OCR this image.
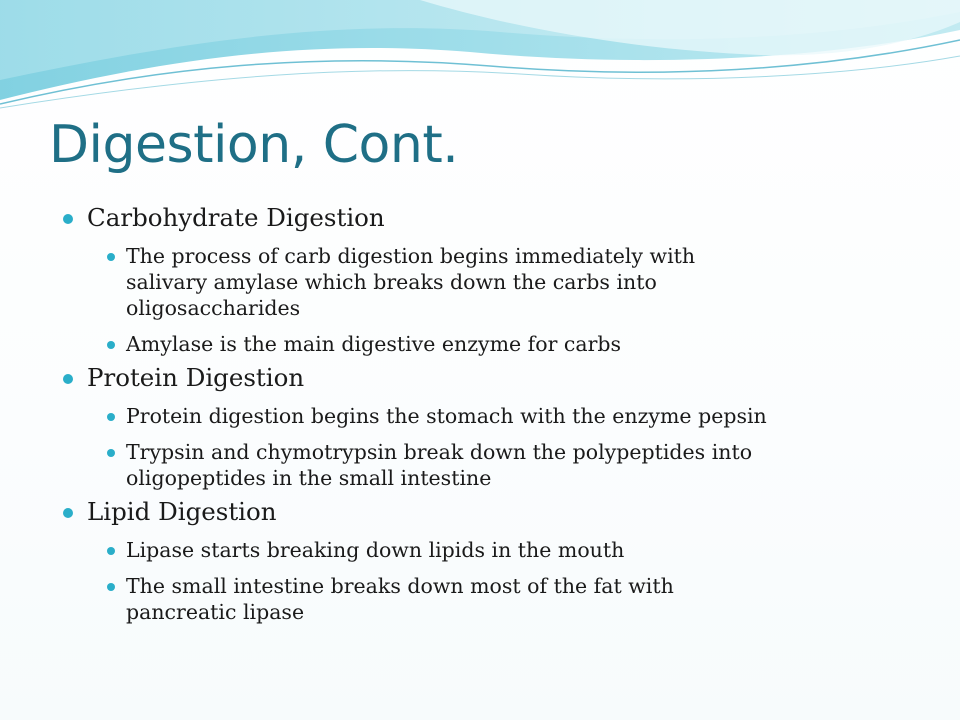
Digestion, Cont.
Carbohydrate Digestion
The process of carb digestion begins immediately with
salivary amylase which breaks down the carbs into
oligosaccharides
Amylase is the main digestive enzyme for carbs
Protein Digestion
Protein digestion begins the stomach with the enzyme pepsin
Trypsin and chymotrypsin break down the polypeptides into
oligopeptides in the small intestine
Lipid Digestion
Lipase starts breaking down lipids in the mouth
The small intestine breaks down most of the fat with
pancreatic lipase
